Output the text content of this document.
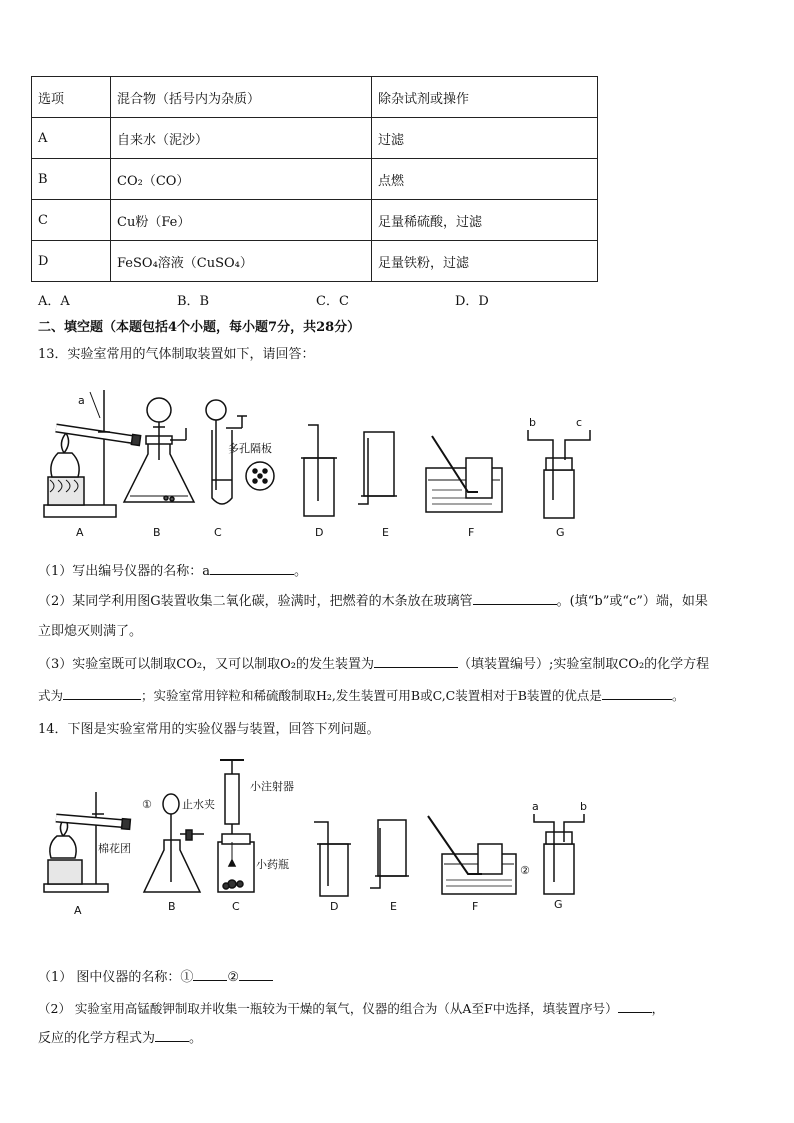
选项	混合物（括号内为杂质）	除杂试剂或操作
A	自来水（泥沙）	过滤
B	CO₂（CO）	点燃
C	Cu粉（Fe）	足量稀硫酸，过滤
D	FeSO₄溶液（CuSO₄）	足量铁粉，过滤
A．A	B．B	C．C	D．D
二、填空题（本题包括4个小题，每小题7分，共28分）
13．实验室常用的气体制取装置如下，请回答：
a
多孔隔板
b	c
A	B	C	D	E	F	G
（1）写出编号仪器的名称：a	。
（2）某同学利用图G装置收集二氧化碳，验满时，把燃着的木条放在玻璃管	。(填“b”或“c”）端，如果
立即熄灭则满了。
（3）实验室既可以制取CO₂，又可以制取O₂的发生装置为	（填装置编号）;实验室制取CO₂的化学方程
式为	；实验室常用锌粒和稀硫酸制取H₂,发生装置可用B或C,C装置相对于B装置的优点是	。
14．下图是实验室常用的实验仪器与装置，回答下列问题。
棉花团
①	止水夹
小注射器
小药瓶	②
a	b
A	B	C	D	E	F	G
（1） 图中仪器的名称：①	②
（2） 实验室用高锰酸钾制取并收集一瓶较为干燥的氧气，仪器的组合为（从A至F中选择，填装置序号）	，
反应的化学方程式为	。
